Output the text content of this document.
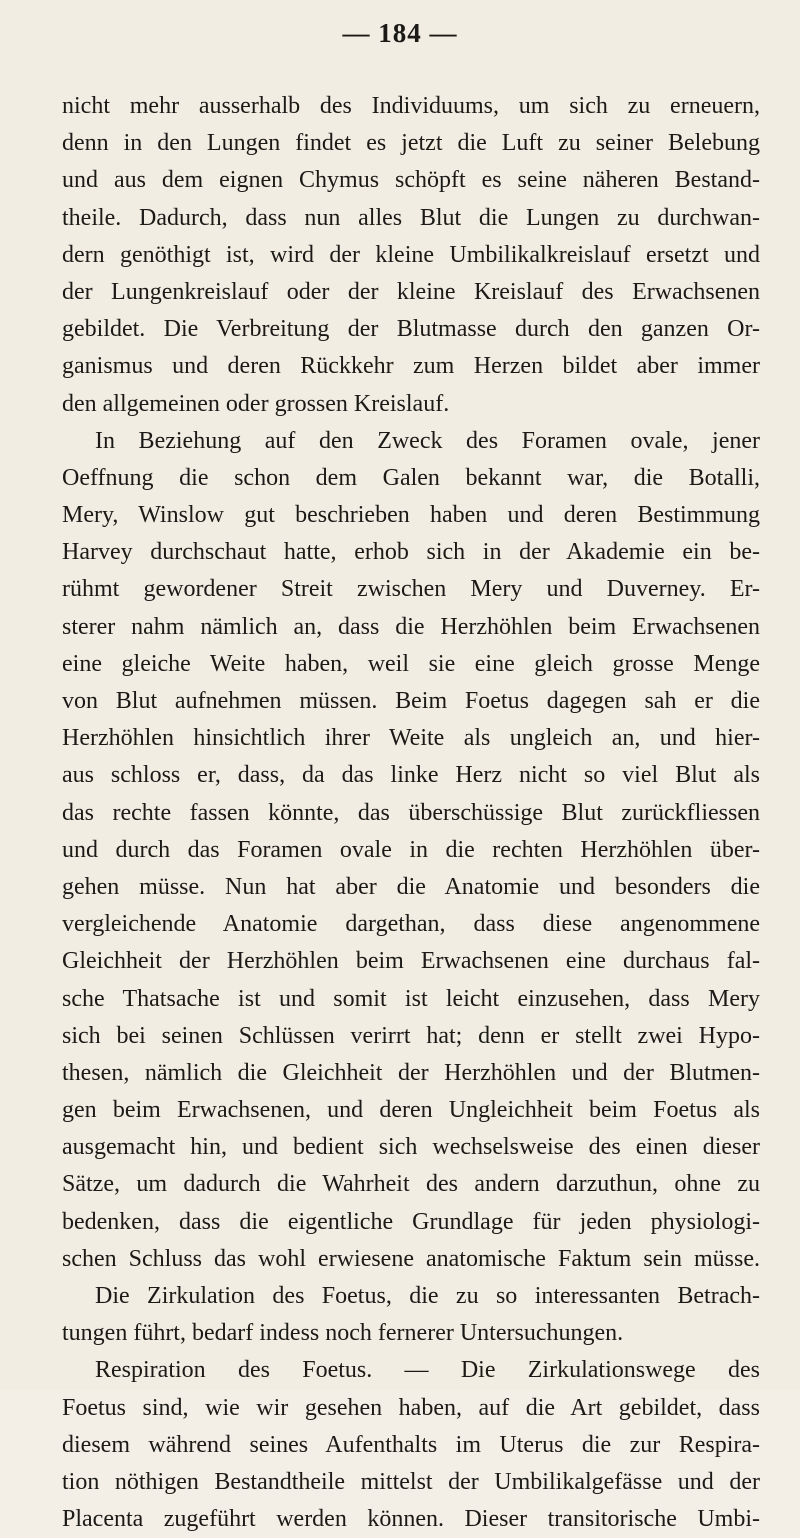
— 184 —
nicht mehr ausserhalb des Individuums, um sich zu erneuern,
denn in den Lungen findet es jetzt die Luft zu seiner Belebung
und aus dem eignen Chymus schöpft es seine näheren Bestand-
theile. Dadurch, dass nun alles Blut die Lungen zu durchwan-
dern genöthigt ist, wird der kleine Umbilikalkreislauf ersetzt und
der Lungenkreislauf oder der kleine Kreislauf des Erwachsenen
gebildet. Die Verbreitung der Blutmasse durch den ganzen Or-
ganismus und deren Rückkehr zum Herzen bildet aber immer
den allgemeinen oder grossen Kreislauf.
In Beziehung auf den Zweck des Foramen ovale, jener
Oeffnung die schon dem Galen bekannt war, die Botalli,
Mery, Winslow gut beschrieben haben und deren Bestimmung
Harvey durchschaut hatte, erhob sich in der Akademie ein be-
rühmt gewordener Streit zwischen Mery und Duverney. Er-
sterer nahm nämlich an, dass die Herzhöhlen beim Erwachsenen
eine gleiche Weite haben, weil sie eine gleich grosse Menge
von Blut aufnehmen müssen. Beim Foetus dagegen sah er die
Herzhöhlen hinsichtlich ihrer Weite als ungleich an, und hier-
aus schloss er, dass, da das linke Herz nicht so viel Blut als
das rechte fassen könnte, das überschüssige Blut zurückfliessen
und durch das Foramen ovale in die rechten Herzhöhlen über-
gehen müsse. Nun hat aber die Anatomie und besonders die
vergleichende Anatomie dargethan, dass diese angenommene
Gleichheit der Herzhöhlen beim Erwachsenen eine durchaus fal-
sche Thatsache ist und somit ist leicht einzusehen, dass Mery
sich bei seinen Schlüssen verirrt hat; denn er stellt zwei Hypo-
thesen, nämlich die Gleichheit der Herzhöhlen und der Blutmen-
gen beim Erwachsenen, und deren Ungleichheit beim Foetus als
ausgemacht hin, und bedient sich wechselsweise des einen dieser
Sätze, um dadurch die Wahrheit des andern darzuthun, ohne zu
bedenken, dass die eigentliche Grundlage für jeden physiologi-
schen Schluss das wohl erwiesene anatomische Faktum sein müsse.
Die Zirkulation des Foetus, die zu so interessanten Betrach-
tungen führt, bedarf indess noch fernerer Untersuchungen.
Respiration des Foetus. — Die Zirkulationswege des
Foetus sind, wie wir gesehen haben, auf die Art gebildet, dass
diesem während seines Aufenthalts im Uterus die zur Respira-
tion nöthigen Bestandtheile mittelst der Umbilikalgefässe und der
Placenta zugeführt werden können. Dieser transitorische Umbi-
